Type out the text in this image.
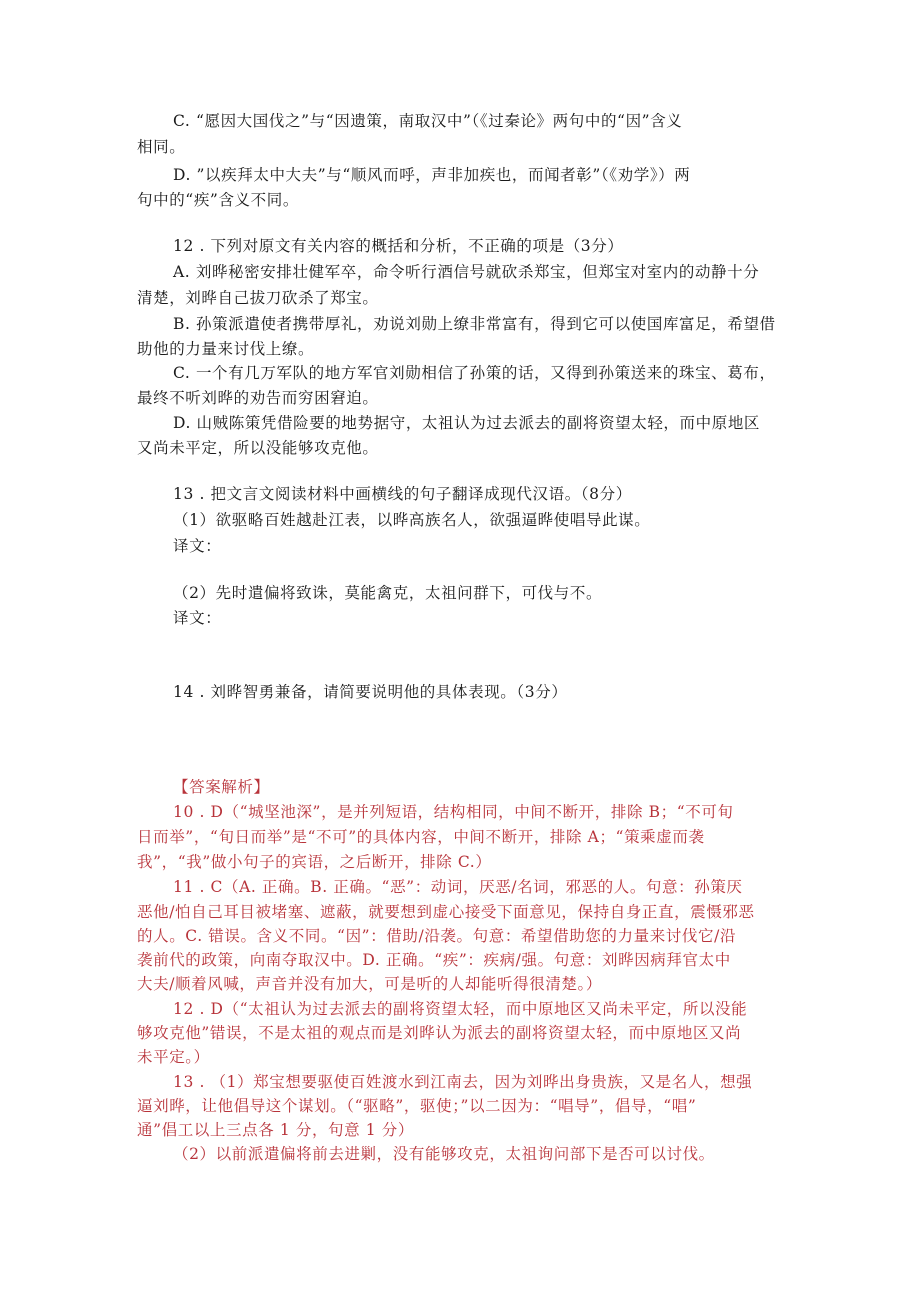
C. “愿因大国伐之”与“因遗策，南取汉中”（《过秦论》两句中的“因”含义
相同。
D. ”以疾拜太中大夫”与“顺风而呼，声非加疾也，而闻者彰”（《劝学》）两
句中的“疾”含义不同。
12 . 下列对原文有关内容的概括和分析，不正确的项是（3分）
A. 刘晔秘密安排壮健军卒，命令听行酒信号就砍杀郑宝，但郑宝对室内的动静十分
清楚，刘晔自己拔刀砍杀了郑宝。
B. 孙策派遣使者携带厚礼，劝说刘勋上缭非常富有，得到它可以使国库富足，希望借
助他的力量来讨伐上缭。
C. 一个有几万军队的地方军官刘勋相信了孙策的话，又得到孙策送来的珠宝、葛布，
最终不听刘晔的劝告而穷困窘迫。
D. 山贼陈策凭借险要的地势据守，太祖认为过去派去的副将资望太轻，而中原地区
又尚未平定，所以没能够攻克他。
13 . 把文言文阅读材料中画横线的句子翻译成现代汉语。（8分）
（1）欲驱略百姓越赴江表，以晔高族名人，欲强逼晔使唱导此谋。
译文：
（2）先时遣偏将致诛，莫能禽克，太祖问群下，可伐与不。
译文：
14 . 刘晔智勇兼备，请简要说明他的具体表现。（3分）
【答案解析】
10 . D（“城坚池深”，是并列短语，结构相同，中间不断开，排除 B；“不可旬
日而举”，“旬日而举”是“不可”的具体内容，中间不断开，排除 A；“策乘虚而袭
我”，“我”做小句子的宾语，之后断开，排除 C.）
11 . C（A. 正确。B. 正确。“恶”：动词，厌恶/名词，邪恶的人。句意：孙策厌
恶他/怕自己耳目被堵塞、遮蔽，就要想到虚心接受下面意见，保持自身正直，震慑邪恶
的人。C. 错误。含义不同。“因”：借助/沿袭。句意：希望借助您的力量来讨伐它/沿
袭前代的政策，向南夺取汉中。D. 正确。“疾”：疾病/强。句意：刘晔因病拜官太中
大夫/顺着风喊，声音并没有加大，可是听的人却能听得很清楚。）
12 . D（“太祖认为过去派去的副将资望太轻，而中原地区又尚未平定，所以没能
够攻克他”错误，不是太祖的观点而是刘晔认为派去的副将资望太轻，而中原地区又尚
未平定。）
13 . （1）郑宝想要驱使百姓渡水到江南去，因为刘晔出身贵族，又是名人，想强
逼刘晔，让他倡导这个谋划。（“驱略”，驱使；”以二因为：“唱导”，倡导，“唱”
通”倡工以上三点各 1 分，句意 1 分）
（2）以前派遣偏将前去进剿，没有能够攻克，太祖询问部下是否可以讨伐。
